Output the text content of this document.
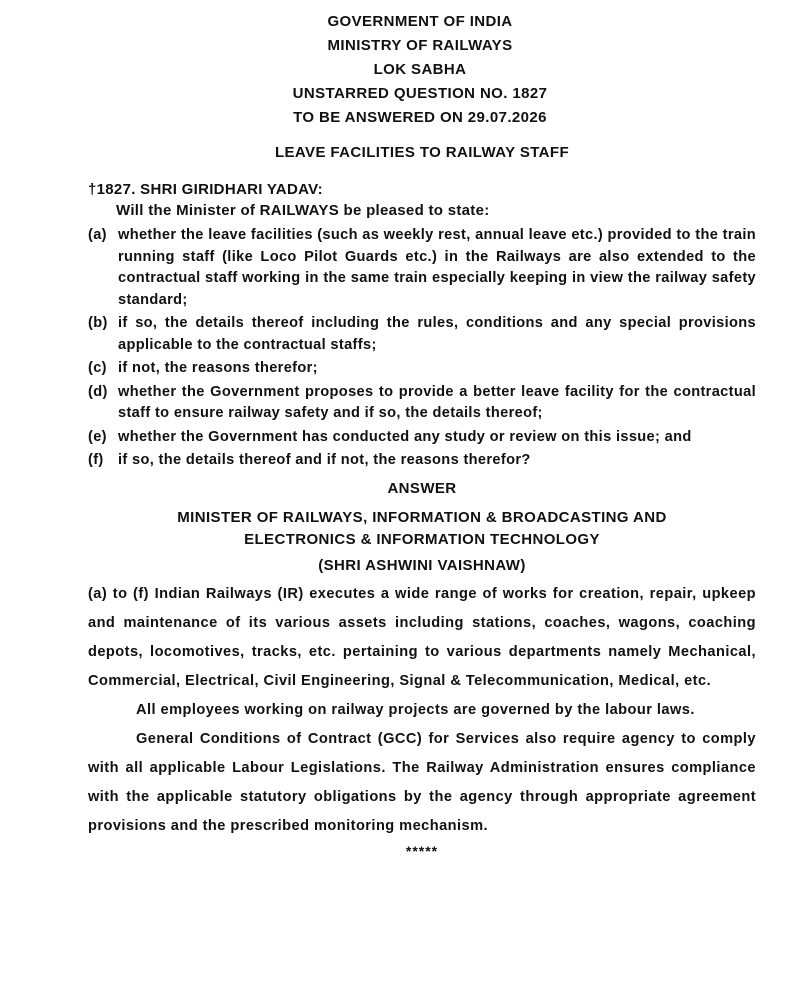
GOVERNMENT OF INDIA
MINISTRY OF RAILWAYS
LOK SABHA
UNSTARRED QUESTION NO. 1827
TO BE ANSWERED ON 29.07.2026
LEAVE FACILITIES TO RAILWAY STAFF
†1827. SHRI GIRIDHARI YADAV:
Will the Minister of RAILWAYS be pleased to state:
(a) whether the leave facilities (such as weekly rest, annual leave etc.) provided to the train running staff (like Loco Pilot Guards etc.) in the Railways are also extended to the contractual staff working in the same train especially keeping in view the railway safety standard;
(b) if so, the details thereof including the rules, conditions and any special provisions applicable to the contractual staffs;
(c) if not, the reasons therefor;
(d) whether the Government proposes to provide a better leave facility for the contractual staff to ensure railway safety and if so, the details thereof;
(e) whether the Government has conducted any study or review on this issue; and
(f) if so, the details thereof and if not, the reasons therefor?
ANSWER
MINISTER OF RAILWAYS, INFORMATION & BROADCASTING AND
ELECTRONICS & INFORMATION TECHNOLOGY
(SHRI ASHWINI VAISHNAW)
(a) to (f) Indian Railways (IR) executes a wide range of works for creation, repair, upkeep and maintenance of its various assets including stations, coaches, wagons, coaching depots, locomotives, tracks, etc. pertaining to various departments namely Mechanical, Commercial, Electrical, Civil Engineering, Signal & Telecommunication, Medical, etc.
All employees working on railway projects are governed by the labour laws.
General Conditions of Contract (GCC) for Services also require agency to comply with all applicable Labour Legislations. The Railway Administration ensures compliance with the applicable statutory obligations by the agency through appropriate agreement provisions and the prescribed monitoring mechanism.
*****
